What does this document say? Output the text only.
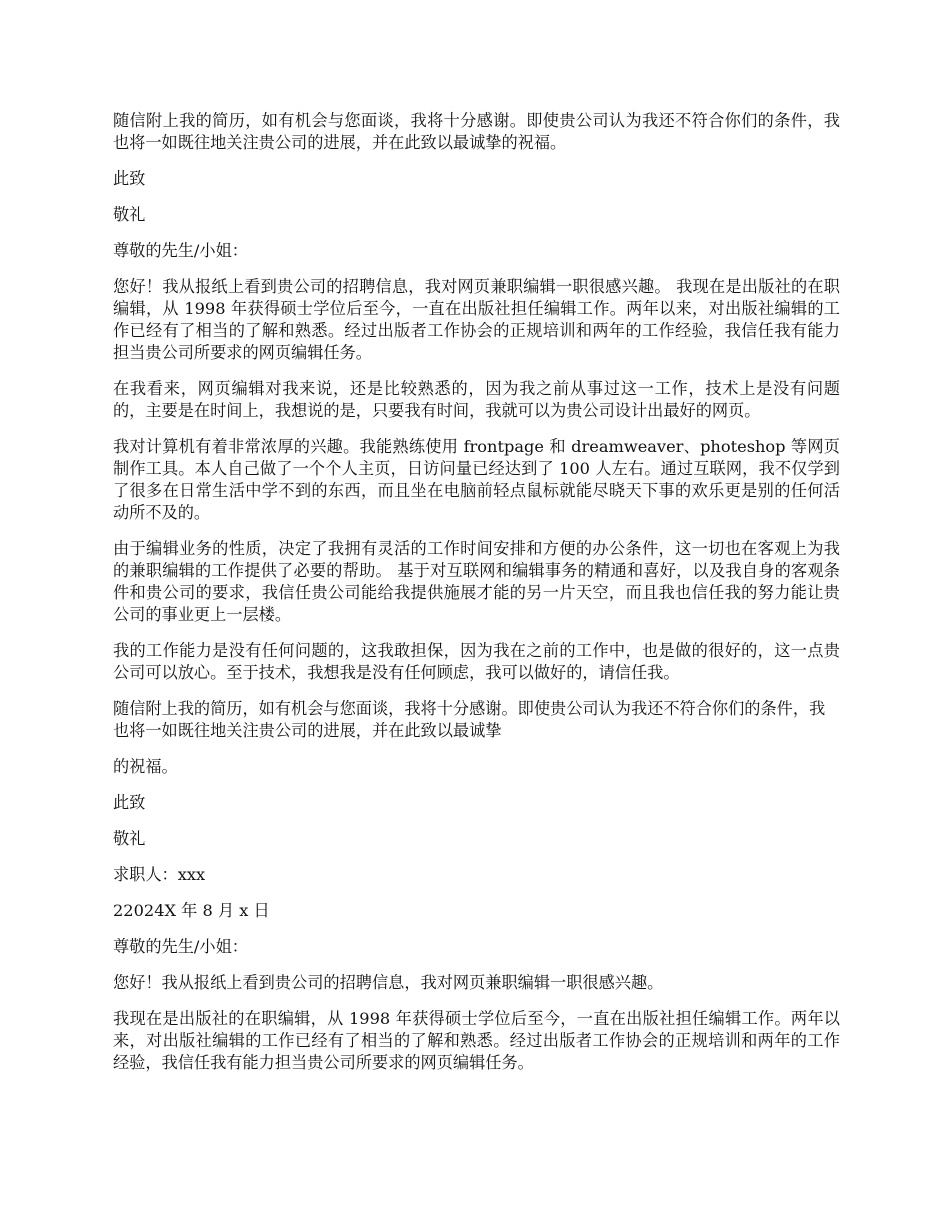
随信附上我的简历，如有机会与您面谈，我将十分感谢。即使贵公司认为我还不符合你们的条件，我也将一如既往地关注贵公司的进展，并在此致以最诚挚的祝福。

此致

敬礼

尊敬的先生/小姐：

您好！我从报纸上看到贵公司的招聘信息，我对网页兼职编辑一职很感兴趣。 我现在是出版社的在职编辑，从 1998 年获得硕士学位后至今，一直在出版社担任编辑工作。两年以来，对出版社编辑的工作已经有了相当的了解和熟悉。经过出版者工作协会的正规培训和两年的工作经验，我信任我有能力担当贵公司所要求的网页编辑任务。

在我看来，网页编辑对我来说，还是比较熟悉的，因为我之前从事过这一工作，技术上是没有问题的，主要是在时间上，我想说的是，只要我有时间，我就可以为贵公司设计出最好的网页。

我对计算机有着非常浓厚的兴趣。我能熟练使用 frontpage 和 dreamweaver、photeshop 等网页制作工具。本人自己做了一个个人主页，日访问量已经达到了 100 人左右。通过互联网，我不仅学到了很多在日常生活中学不到的东西，而且坐在电脑前轻点鼠标就能尽晓天下事的欢乐更是别的任何活动所不及的。

由于编辑业务的性质，决定了我拥有灵活的工作时间安排和方便的办公条件，这一切也在客观上为我的兼职编辑的工作提供了必要的帮助。 基于对互联网和编辑事务的精通和喜好，以及我自身的客观条件和贵公司的要求，我信任贵公司能给我提供施展才能的另一片天空，而且我也信任我的努力能让贵公司的事业更上一层楼。

我的工作能力是没有任何问题的，这我敢担保，因为我在之前的工作中，也是做的很好的，这一点贵公司可以放心。至于技术，我想我是没有任何顾虑，我可以做好的，请信任我。

随信附上我的简历，如有机会与您面谈，我将十分感谢。即使贵公司认为我还不符合你们的条件，我也将一如既往地关注贵公司的进展，并在此致以最诚挚

的祝福。

此致

敬礼

求职人：xxx

22024X 年 8 月 x 日

尊敬的先生/小姐：

您好！我从报纸上看到贵公司的招聘信息，我对网页兼职编辑一职很感兴趣。

我现在是出版社的在职编辑，从 1998 年获得硕士学位后至今，一直在出版社担任编辑工作。两年以来，对出版社编辑的工作已经有了相当的了解和熟悉。经过出版者工作协会的正规培训和两年的工作经验，我信任我有能力担当贵公司所要求的网页编辑任务。
